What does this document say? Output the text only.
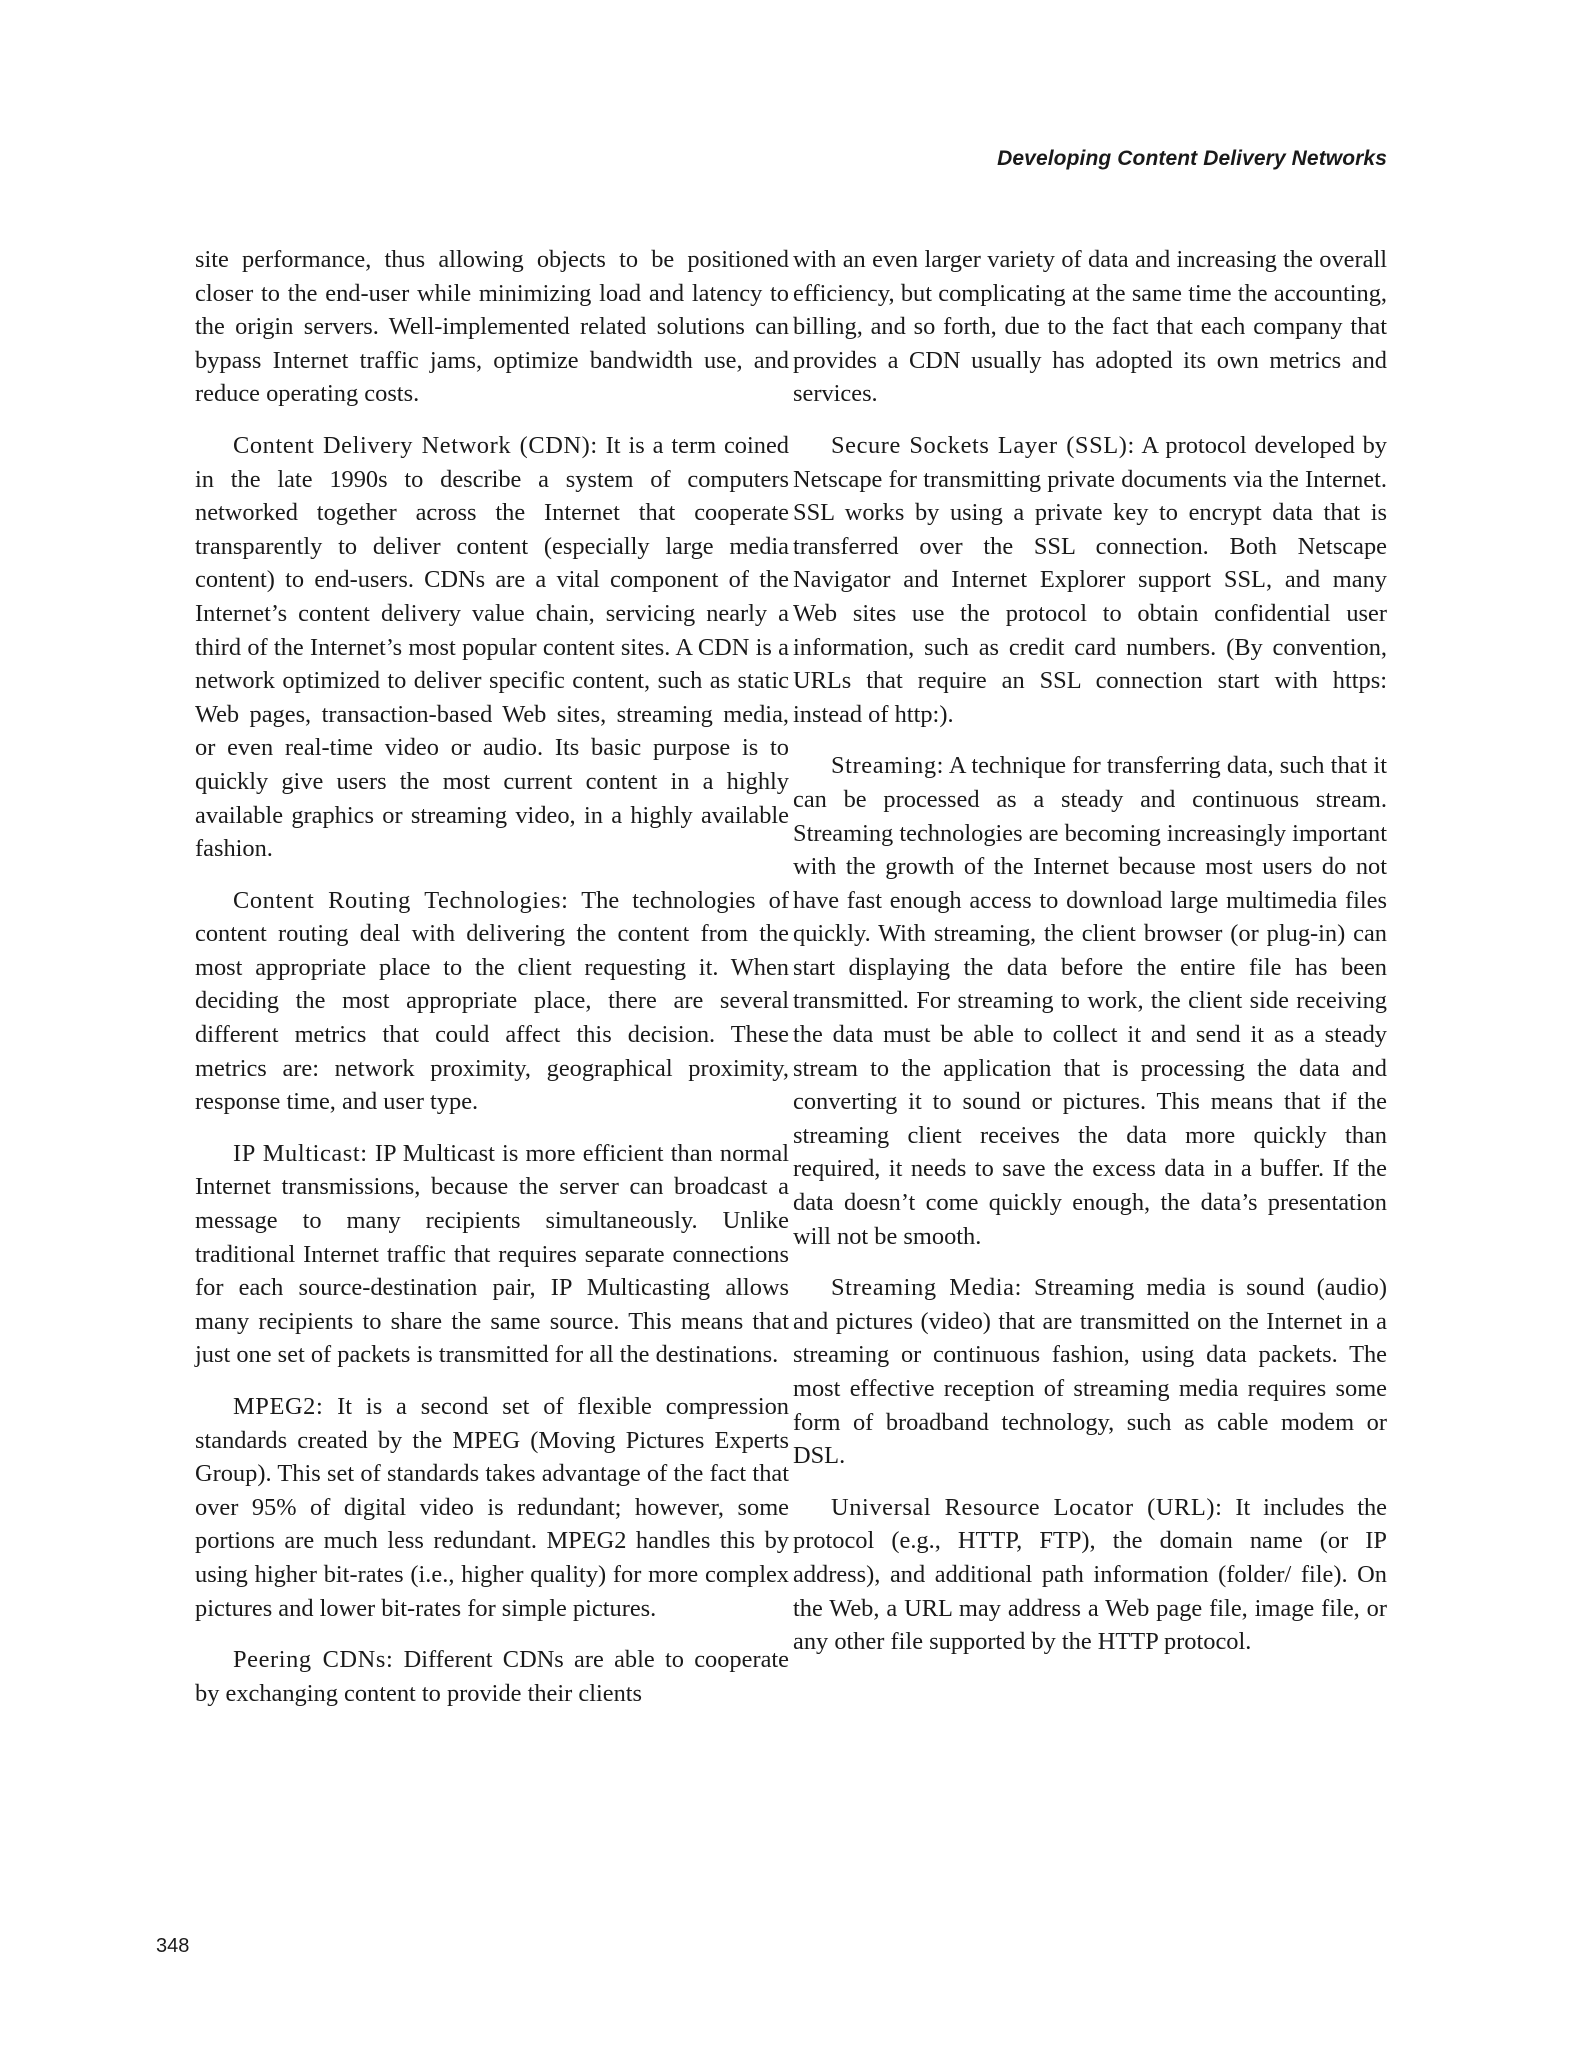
Developing Content Delivery Networks

site performance, thus allowing objects to be positioned closer to the end-user while minimizing load and latency to the origin servers. Well-implemented related solutions can bypass Internet traffic jams, optimize bandwidth use, and reduce operating costs.

Content Delivery Network (CDN): It is a term coined in the late 1990s to describe a system of computers networked together across the Internet that cooperate transparently to deliver content (especially large media content) to end-users. CDNs are a vital component of the Internet’s content delivery value chain, servicing nearly a third of the Internet’s most popular content sites. A CDN is a network optimized to deliver specific content, such as static Web pages, transaction-based Web sites, streaming media, or even real-time video or audio. Its basic purpose is to quickly give users the most current content in a highly available graphics or streaming video, in a highly available fashion.

Content Routing Technologies: The technologies of content routing deal with delivering the content from the most appropriate place to the client requesting it. When deciding the most appropriate place, there are several different metrics that could affect this decision. These metrics are: network proximity, geographical proximity, response time, and user type.

IP Multicast: IP Multicast is more efficient than normal Internet transmissions, because the server can broadcast a message to many recipients simultaneously. Unlike traditional Internet traffic that requires separate connections for each source-destination pair, IP Multicasting allows many recipients to share the same source. This means that just one set of packets is transmitted for all the destinations.

MPEG2: It is a second set of flexible compression standards created by the MPEG (Moving Pictures Experts Group). This set of standards takes advantage of the fact that over 95% of digital video is redundant; however, some portions are much less redundant. MPEG2 handles this by using higher bit-rates (i.e., higher quality) for more complex pictures and lower bit-rates for simple pictures.

Peering CDNs: Different CDNs are able to cooperate by exchanging content to provide their clients

with an even larger variety of data and increasing the overall efficiency, but complicating at the same time the accounting, billing, and so forth, due to the fact that each company that provides a CDN usually has adopted its own metrics and services.

Secure Sockets Layer (SSL): A protocol developed by Netscape for transmitting private documents via the Internet. SSL works by using a private key to encrypt data that is transferred over the SSL connection. Both Netscape Navigator and Internet Explorer support SSL, and many Web sites use the protocol to obtain confidential user information, such as credit card numbers. (By convention, URLs that require an SSL connection start with https: instead of http:).

Streaming: A technique for transferring data, such that it can be processed as a steady and continuous stream. Streaming technologies are becoming increasingly important with the growth of the Internet because most users do not have fast enough access to download large multimedia files quickly. With streaming, the client browser (or plug-in) can start displaying the data before the entire file has been transmitted. For streaming to work, the client side receiving the data must be able to collect it and send it as a steady stream to the application that is processing the data and converting it to sound or pictures. This means that if the streaming client receives the data more quickly than required, it needs to save the excess data in a buffer. If the data doesn’t come quickly enough, the data’s presentation will not be smooth.

Streaming Media: Streaming media is sound (audio) and pictures (video) that are transmitted on the Internet in a streaming or continuous fashion, using data packets. The most effective reception of streaming media requires some form of broadband technology, such as cable modem or DSL.

Universal Resource Locator (URL): It includes the protocol (e.g., HTTP, FTP), the domain name (or IP address), and additional path information (folder/ file). On the Web, a URL may address a Web page file, image file, or any other file supported by the HTTP protocol.

348
